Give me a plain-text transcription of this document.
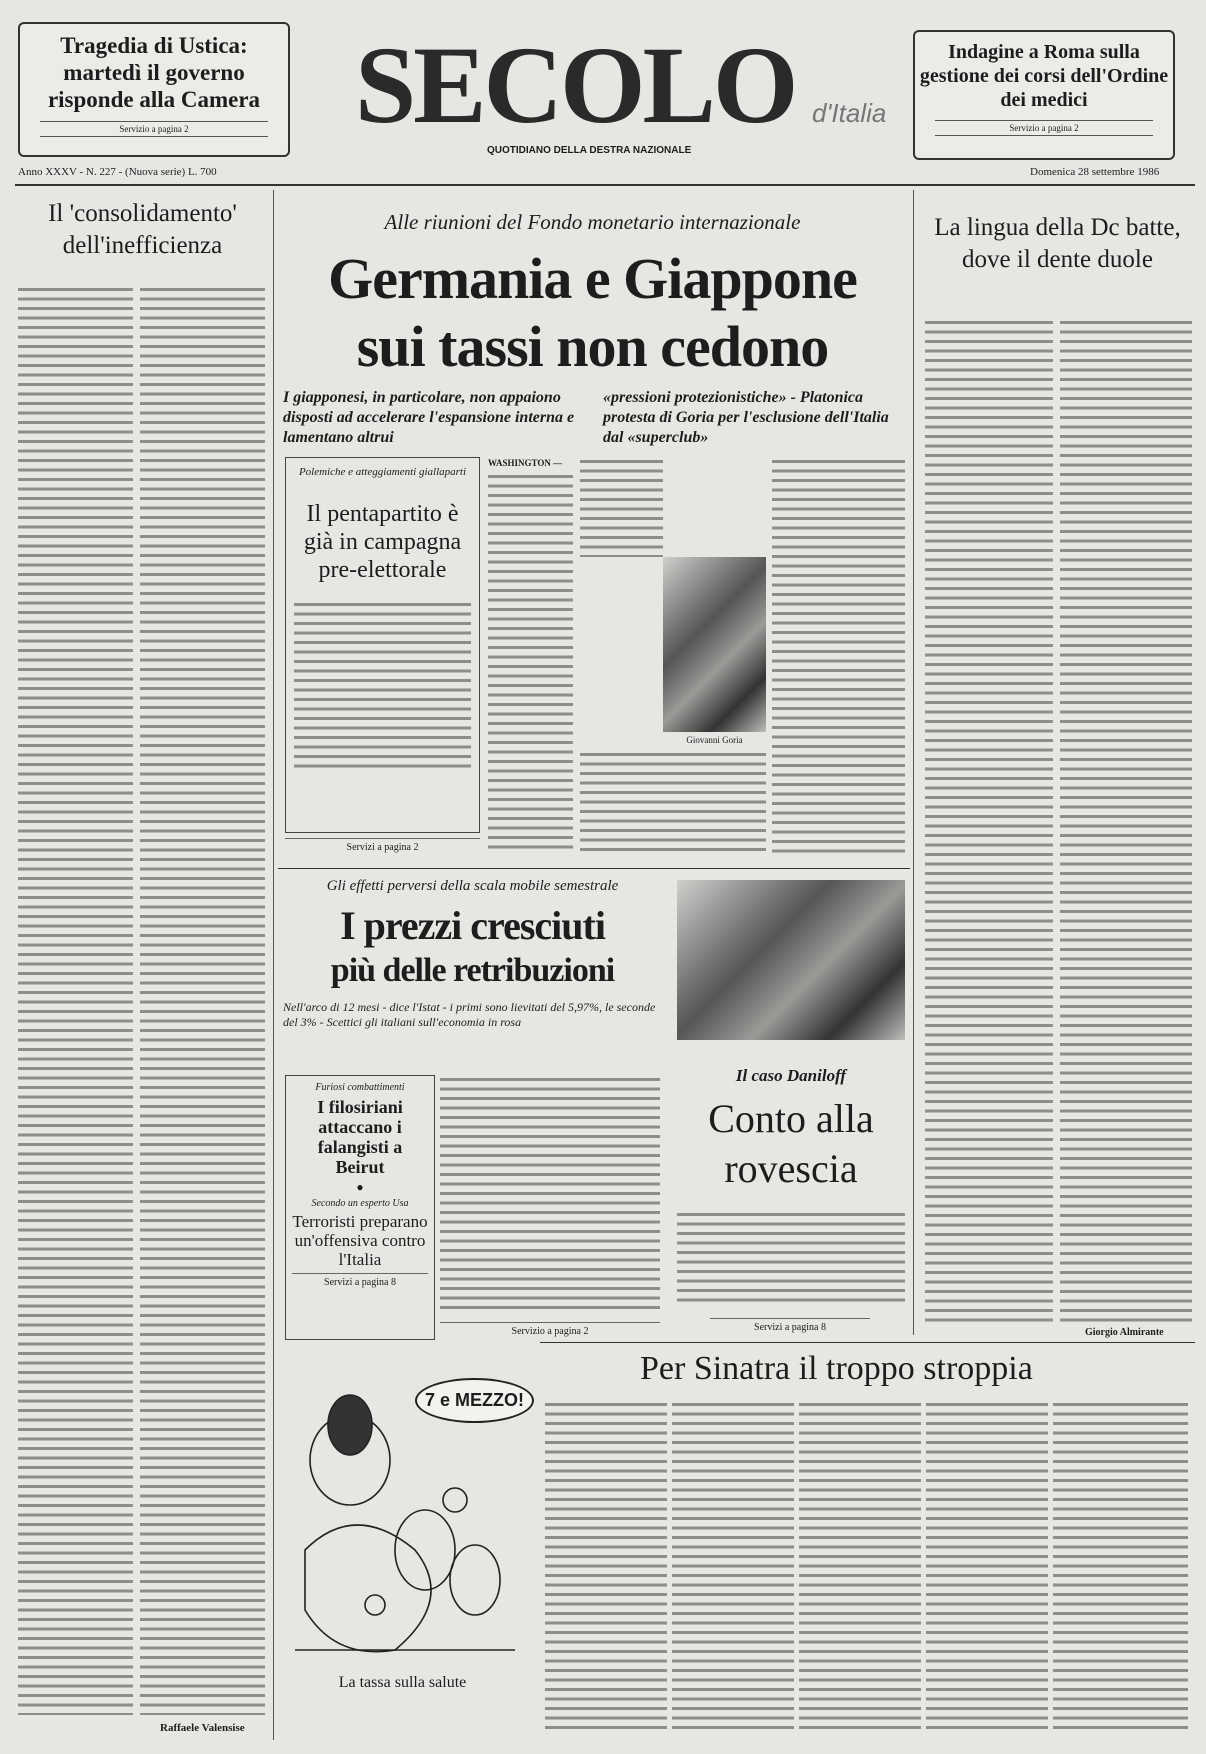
Tragedia di Ustica: martedì il governo risponde alla Camera
Servizio a pagina 2	SECOLO d'Italia
QUOTIDIANO DELLA DESTRA NAZIONALE
Indagine a Roma sulla gestione dei corsi dell'Ordine dei medici
Servizio a pagina 2
Anno XXXV - N. 227 - (Nuova serie) L. 700	Domenica 28 settembre 1986
Il 'consolidamento' dell'inefficienza
Raffaele Valensise
Alle riunioni del Fondo monetario internazionale
Germania e Giappone
sui tassi non cedono
I giapponesi, in particolare, non appaiono disposti ad accelerare l'espansione interna e lamentano altrui
«pressioni protezionistiche» - Platonica protesta di Goria per l'esclusione dell'Italia dal «superclub»
Polemiche e atteggiamenti giallaparti
Il pentapartito è già in campagna pre-elettorale
Servizi a pagina 2
WASHINGTON —
Giovanni Goria
Gli effetti perversi della scala mobile semestrale
I prezzi cresciuti
più delle retribuzioni
Nell'arco di 12 mesi - dice l'Istat - i primi sono lievitati del 5,97%, le seconde del 3% - Scettici gli italiani sull'economia in rosa
Furiosi combattimenti
I filosiriani attaccano i falangisti a Beirut
●
Secondo un esperto Usa
Terroristi preparano un'offensiva contro l'Italia
Servizi a pagina 8
Servizio a pagina 2
Il caso Daniloff
Conto alla rovescia
Servizi a pagina 8
La lingua della Dc batte, dove il dente duole
Giorgio Almirante
7 e MEZZO!
La tassa sulla salute
Per Sinatra il troppo stroppia
